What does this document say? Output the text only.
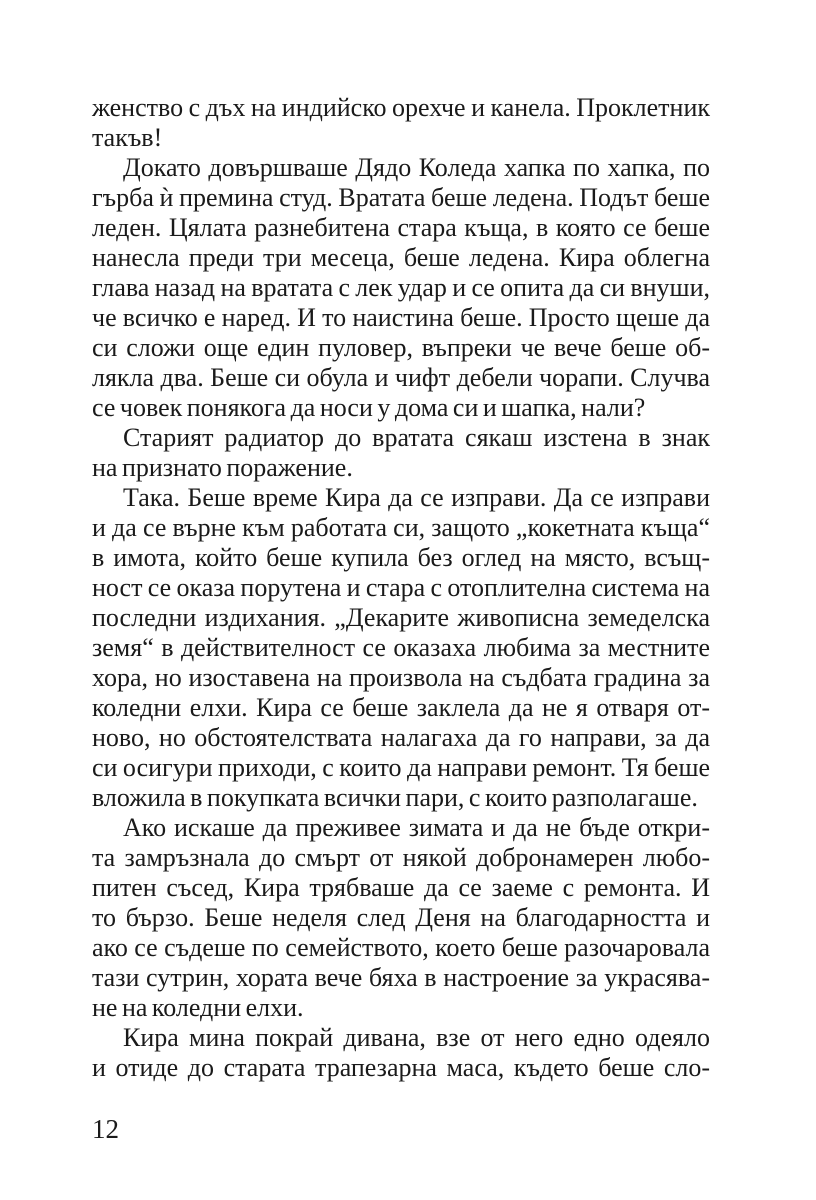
женство с дъх на индийско орехче и канела. Проклетник
такъв!
Докато довършваше Дядо Коледа хапка по хапка, по
гърба ѝ премина студ. Вратата беше ледена. Подът беше
леден. Цялата разнебитена стара къща, в която се беше
нанесла преди три месеца, беше ледена. Кира облегна
глава назад на вратата с лек удар и се опита да си внуши,
че всичко е наред. И то наистина беше. Просто щеше да
си сложи още един пуловер, въпреки че вече беше об-
лякла два. Беше си обула и чифт дебели чорапи. Случва
се човек понякога да носи у дома си и шапка, нали?
Старият радиатор до вратата сякаш изстена в знак
на признато поражение.
Така. Беше време Кира да се изправи. Да се изправи
и да се върне към работата си, защото „кокетната къща“
в имота, който беше купила без оглед на място, всъщ-
ност се оказа порутена и стара с отоплителна система на
последни издихания. „Декарите живописна земеделска
земя“ в действителност се оказаха любима за местните
хора, но изоставена на произвола на съдбата градина за
коледни елхи. Кира се беше заклела да не я отваря от-
ново, но обстоятелствата налагаха да го направи, за да
си осигури приходи, с които да направи ремонт. Тя беше
вложила в покупката всички пари, с които разполагаше.
Ако искаше да преживее зимата и да не бъде откри-
та замръзнала до смърт от някой добронамерен любо-
питен съсед, Кира трябваше да се заеме с ремонта. И
то бързо. Беше неделя след Деня на благодарността и
ако се съдеше по семейството, което беше разочаровала
тази сутрин, хората вече бяха в настроение за украсява-
не на коледни елхи.
Кира мина покрай дивана, взе от него едно одеяло
и отиде до старата трапезарна маса, където беше сло-
12
